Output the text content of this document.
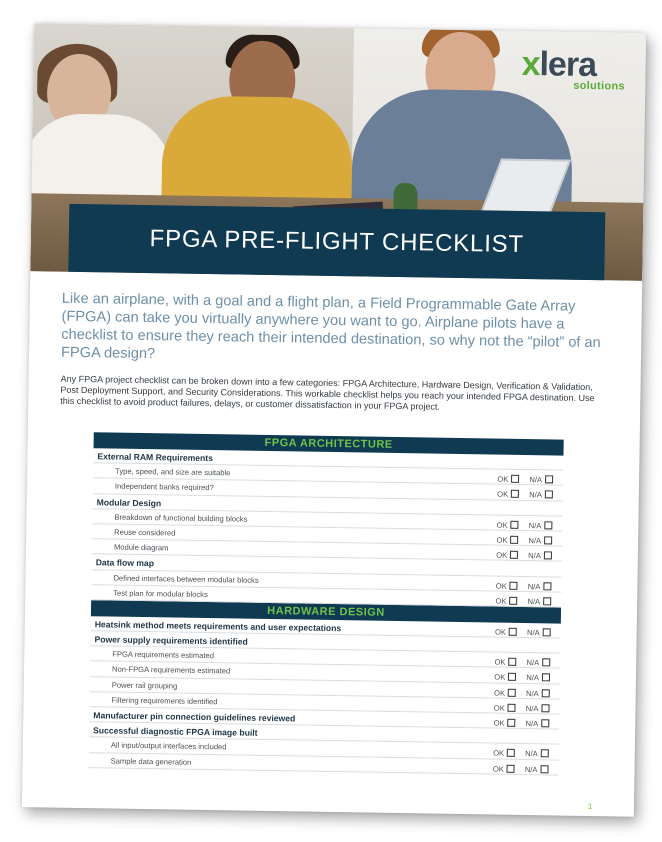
xlera
solutions
FPGA PRE-FLIGHT CHECKLIST

Like an airplane, with a goal and a flight plan, a Field Programmable Gate Array (FPGA) can take you virtually anywhere you want to go. Airplane pilots have a checklist to ensure they reach their intended destination, so why not the “pilot” of an FPGA design?

Any FPGA project checklist can be broken down into a few categories: FPGA Architecture, Hardware Design, Verification & Validation, Post Deployment Support, and Security Considerations. This workable checklist helps you reach your intended FPGA destination. Use this checklist to avoid product failures, delays, or customer dissatisfaction in your FPGA project.

FPGA ARCHITECTURE
External RAM Requirements
Type, speed, and size are suitable
OK	N/A
Independent banks required?
OK	N/A
Modular Design
Breakdown of functional building blocks
OK	N/A
Reuse considered
OK	N/A
Module diagram
OK	N/A
Data flow map
Defined interfaces between modular blocks
OK	N/A
Test plan for modular blocks
OK	N/A
HARDWARE DESIGN
Heatsink method meets requirements and user expectations	OK	N/A
Power supply requirements identified
FPGA requirements estimated
OK	N/A
Non-FPGA requirements estimated
OK	N/A
Power rail grouping
OK	N/A
Filtering requirements identified
OK	N/A
Manufacturer pin connection guidelines reviewed	OK	N/A
Successful diagnostic FPGA image built
All input/output interfaces included
OK	N/A
Sample data generation
OK	N/A
1
